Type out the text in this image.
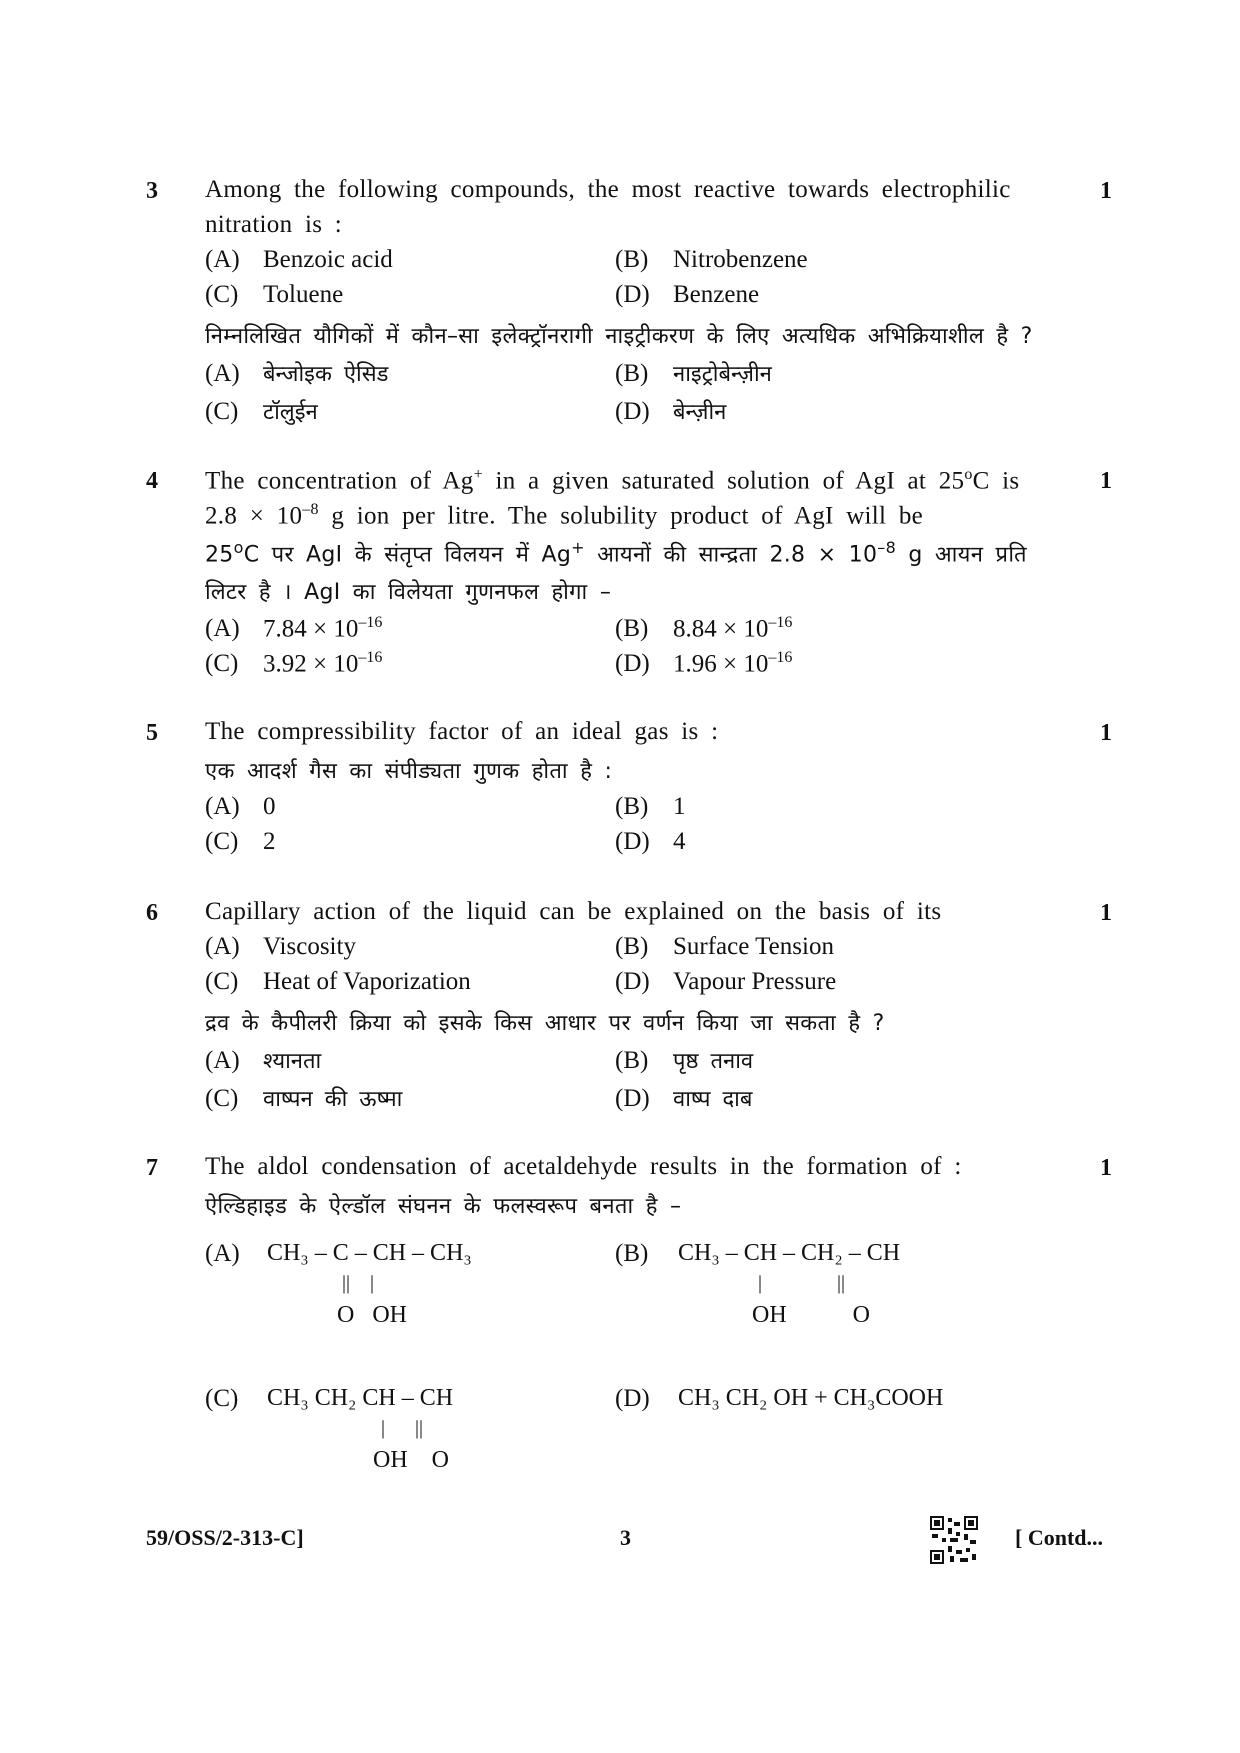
3	1
Among the following compounds, the most reactive towards electrophilic
nitration is :
(A) Benzoic acid	(B) Nitrobenzene
(C) Toluene	(D) Benzene
निम्नलिखित यौगिकों में कौन–सा इलेक्ट्रॉनरागी नाइट्रीकरण के लिए अत्यधिक अभिक्रियाशील है ?
(A) बेन्जोइक ऐसिड	(B) नाइट्रोबेन्ज़ीन
(C) टॉलुईन	(D) बेन्ज़ीन
4	1
The concentration of Ag+ in a given saturated solution of AgI at 25$^o$C is
$2.8 \times 10^{-8}$ g ion per litre. The solubility product of AgI will be
25$^o$C पर AgI के संतृप्त विलयन में Ag+ आयनों की सान्द्रता $2.8 \times 10^{-8}$ g आयन प्रति
लिटर है । AgI का विलेयता गुणनफल होगा –
(A) $7.84 \times 10^{-16}$	(B) $8.84 \times 10^{-16}$
(C) $3.92 \times 10^{-16}$	(D) $1.96 \times 10^{-16}$
5	1
The compressibility factor of an ideal gas is :
एक आदर्श गैस का संपीड्यता गुणक होता है :
(A) 0	(B) 1
(C) 2	(D) 4
6	1
Capillary action of the liquid can be explained on the basis of its
(A) Viscosity	(B) Surface Tension
(C) Heat of Vaporization	(D) Vapour Pressure
द्रव के कैपीलरी क्रिया को इसके किस आधार पर वर्णन किया जा सकता है ?
(A) श्यानता	(B) पृष्ठ तनाव
(C) वाष्पन की ऊष्मा	(D) वाष्प दाब
7	1
The aldol condensation of acetaldehyde results in the formation of :
ऐल्डिहाइड के ऐल्डॉल संघनन के फलस्वरूप बनता है –
(A) CH₃ – C – CH – CH₃
||    |
O   OH
(B) CH₃ – CH – CH₂ – CH
|               ||
OH           O
(C) CH₃ CH₂ CH – CH
|      ||
OH    O
(D) CH₃ CH₂ OH + CH₃COOH
59/OSS/2-313-C]	3	[ Contd...
